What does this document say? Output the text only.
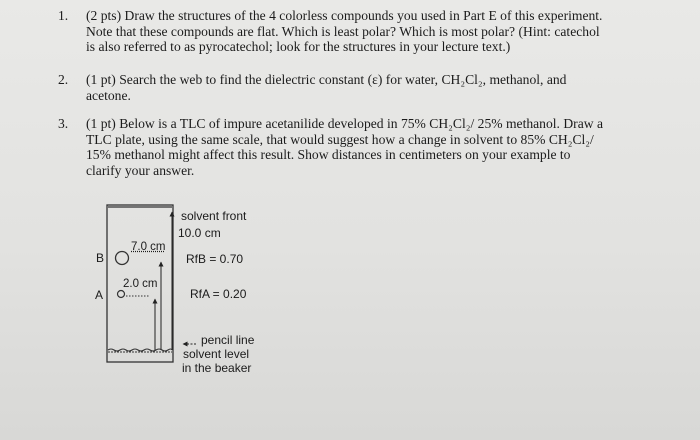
1. (2 pts) Draw the structures of the 4 colorless compounds you used in Part E of this experiment.
Note that these compounds are flat. Which is least polar? Which is most polar? (Hint: catechol
is also referred to as pyrocatechol; look for the structures in your lecture text.)
2. (1 pt) Search the web to find the dielectric constant (ε) for water, CH₂Cl₂, methanol, and
acetone.
3. (1 pt) Below is a TLC of impure acetanilide developed in 75% CH₂Cl₂/ 25% methanol. Draw a
TLC plate, using the same scale, that would suggest how a change in solvent to 85% CH₂Cl₂/
15% methanol might affect this result. Show distances in centimeters on your example to
clarify your answer.
solvent front
10.0 cm
B
7.0 cm
RfB = 0.70
A
2.0 cm
RfA = 0.20
pencil line
solvent level
in the beaker
